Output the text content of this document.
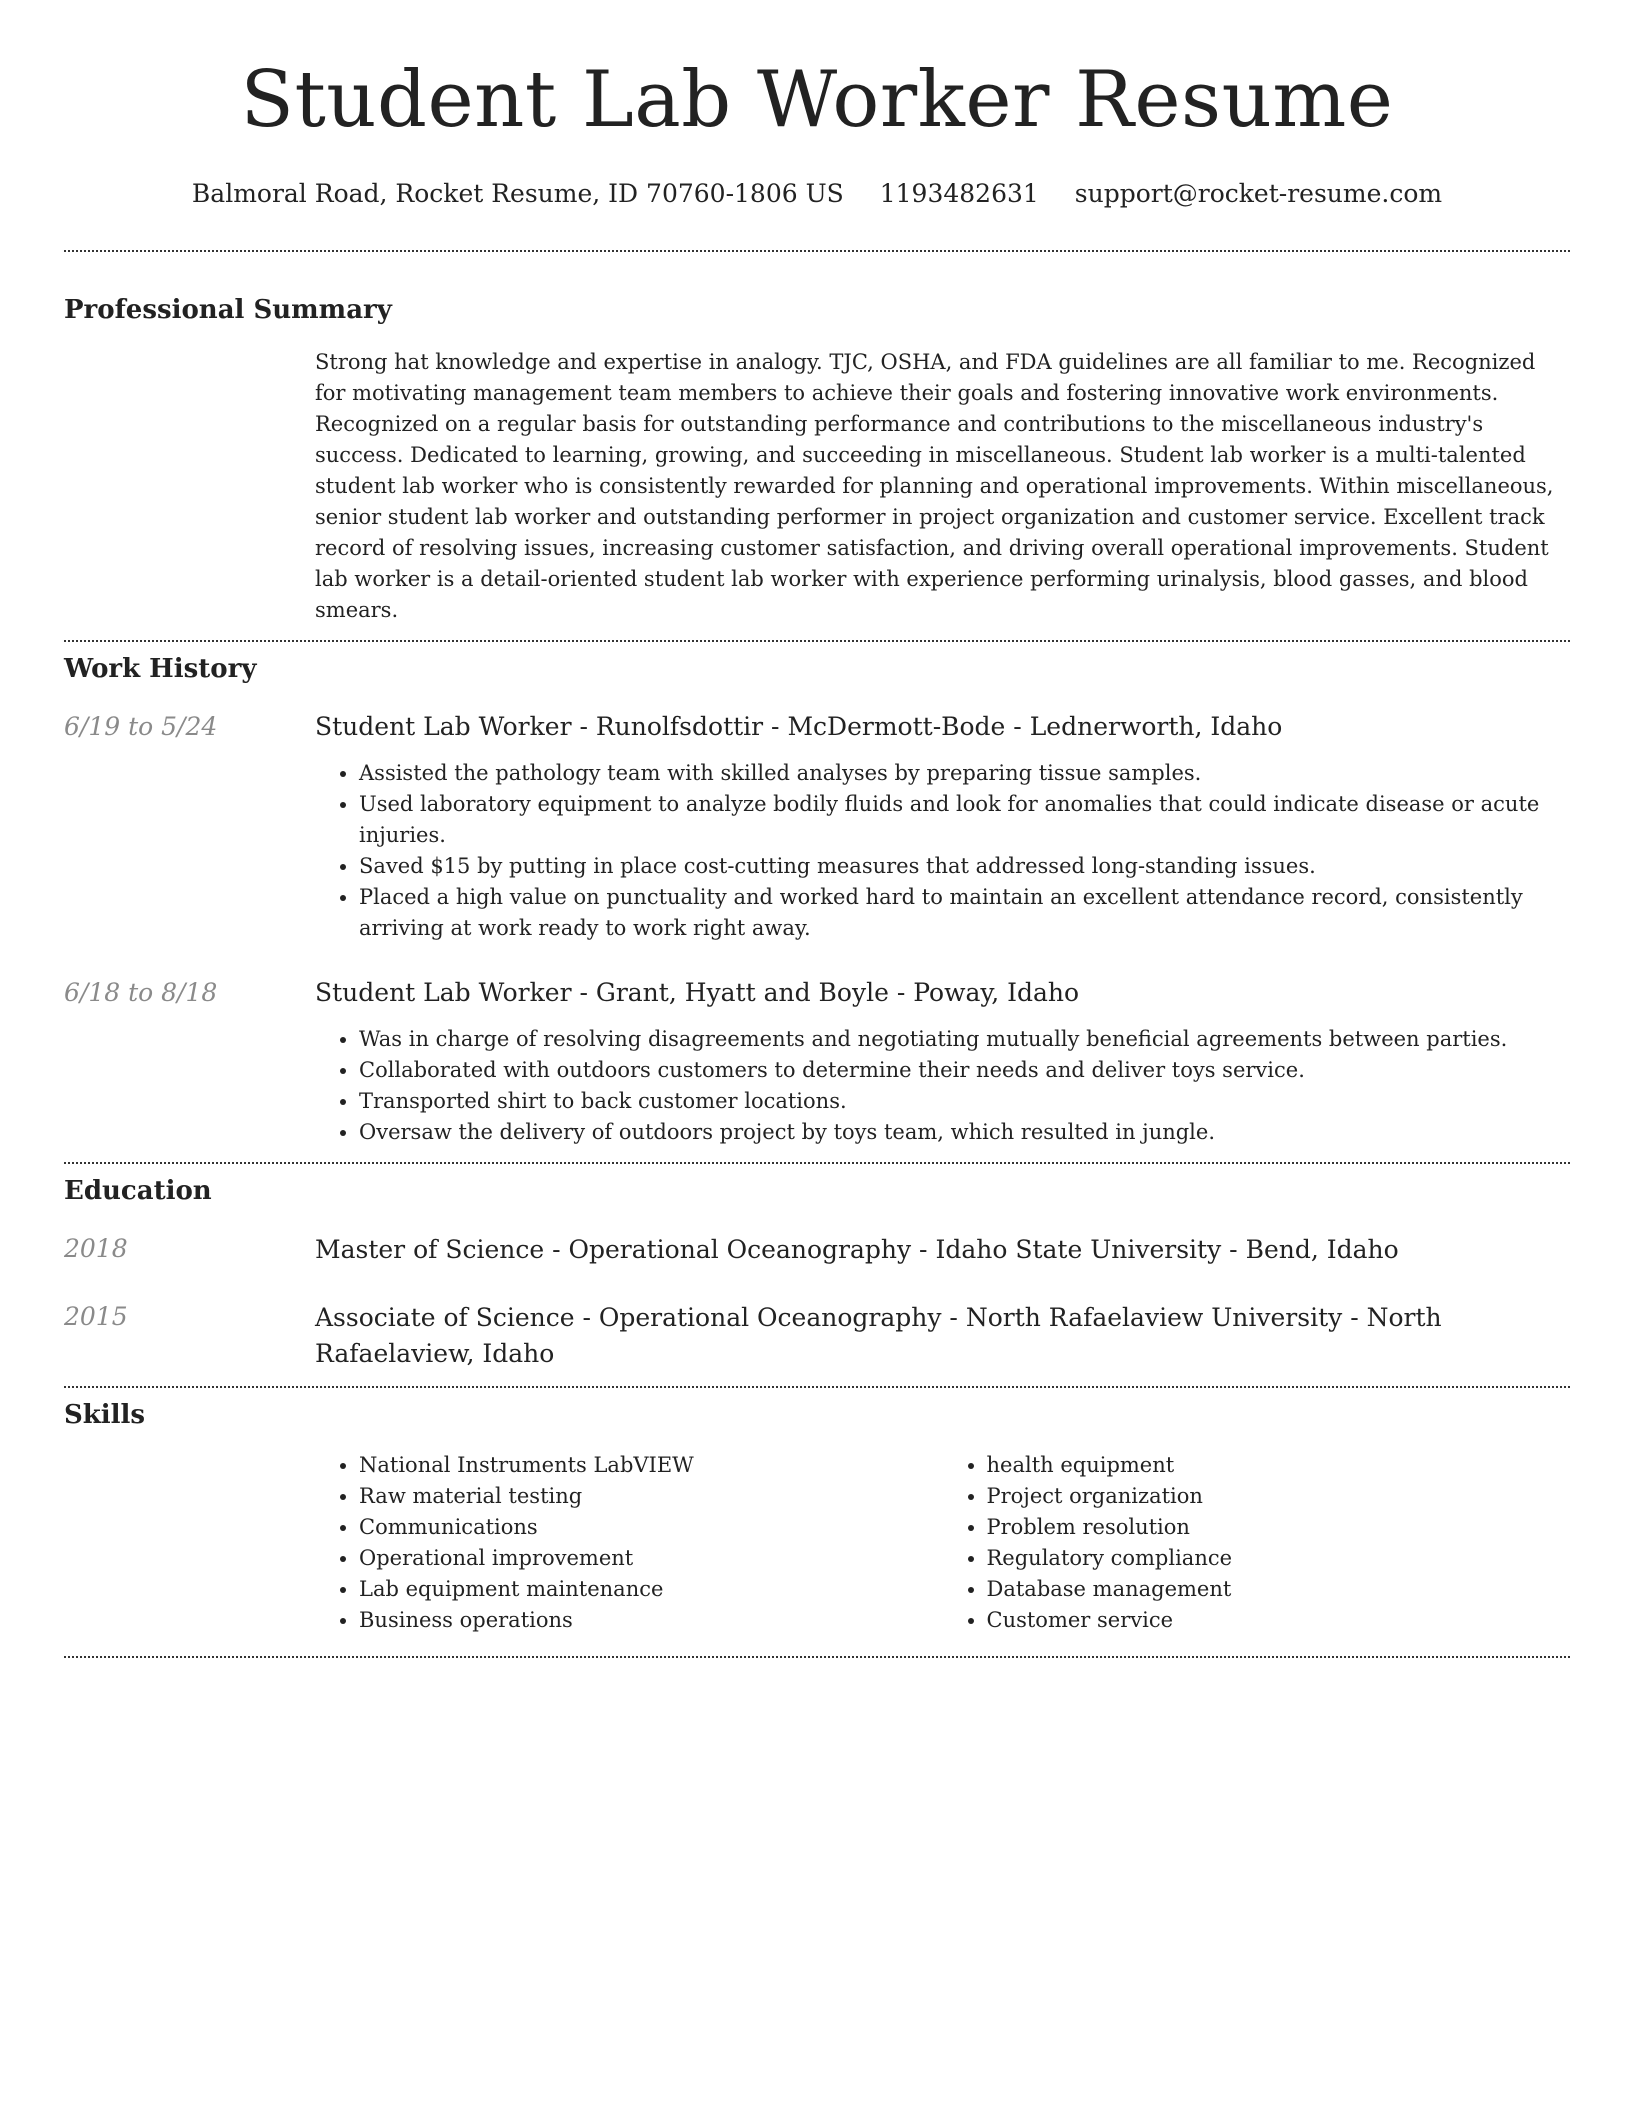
Student Lab Worker Resume
Balmoral Road, Rocket Resume, ID 70760-1806 US 1193482631 support@rocket-resume.com
Professional Summary

Strong hat knowledge and expertise in analogy. TJC, OSHA, and FDA guidelines are all familiar to me. Recognized for motivating management team members to achieve their goals and fostering innovative work environments. Recognized on a regular basis for outstanding performance and contributions to the miscellaneous industry's success. Dedicated to learning, growing, and succeeding in miscellaneous. Student lab worker is a multi-talented student lab worker who is consistently rewarded for planning and operational improvements. Within miscellaneous, senior student lab worker and outstanding performer in project organization and customer service. Excellent track record of resolving issues, increasing customer satisfaction, and driving overall operational improvements. Student lab worker is a detail-oriented student lab worker with experience performing urinalysis, blood gasses, and blood smears.

Work History
6/19 to 5/24	Student Lab Worker - Runolfsdottir - McDermott-Bode - Lednerworth, Idaho

• Assisted the pathology team with skilled analyses by preparing tissue samples.
• Used laboratory equipment to analyze bodily fluids and look for anomalies that could indicate disease or acute injuries.
• Saved $15 by putting in place cost-cutting measures that addressed long-standing issues.
• Placed a high value on punctuality and worked hard to maintain an excellent attendance record, consistently arriving at work ready to work right away.
6/18 to 8/18	Student Lab Worker - Grant, Hyatt and Boyle - Poway, Idaho

• Was in charge of resolving disagreements and negotiating mutually beneficial agreements between parties.
• Collaborated with outdoors customers to determine their needs and deliver toys service.
• Transported shirt to back customer locations.
• Oversaw the delivery of outdoors project by toys team, which resulted in jungle.
Education
2018	Master of Science - Operational Oceanography - Idaho State University - Bend, Idaho

2015	Associate of Science - Operational Oceanography - North Rafaelaview University - North Rafaelaview, Idaho

Skills
• National Instruments LabVIEW
• Raw material testing
• Communications
• Operational improvement
• Lab equipment maintenance
• Business operations
• health equipment
• Project organization
• Problem resolution
• Regulatory compliance
• Database management
• Customer service
